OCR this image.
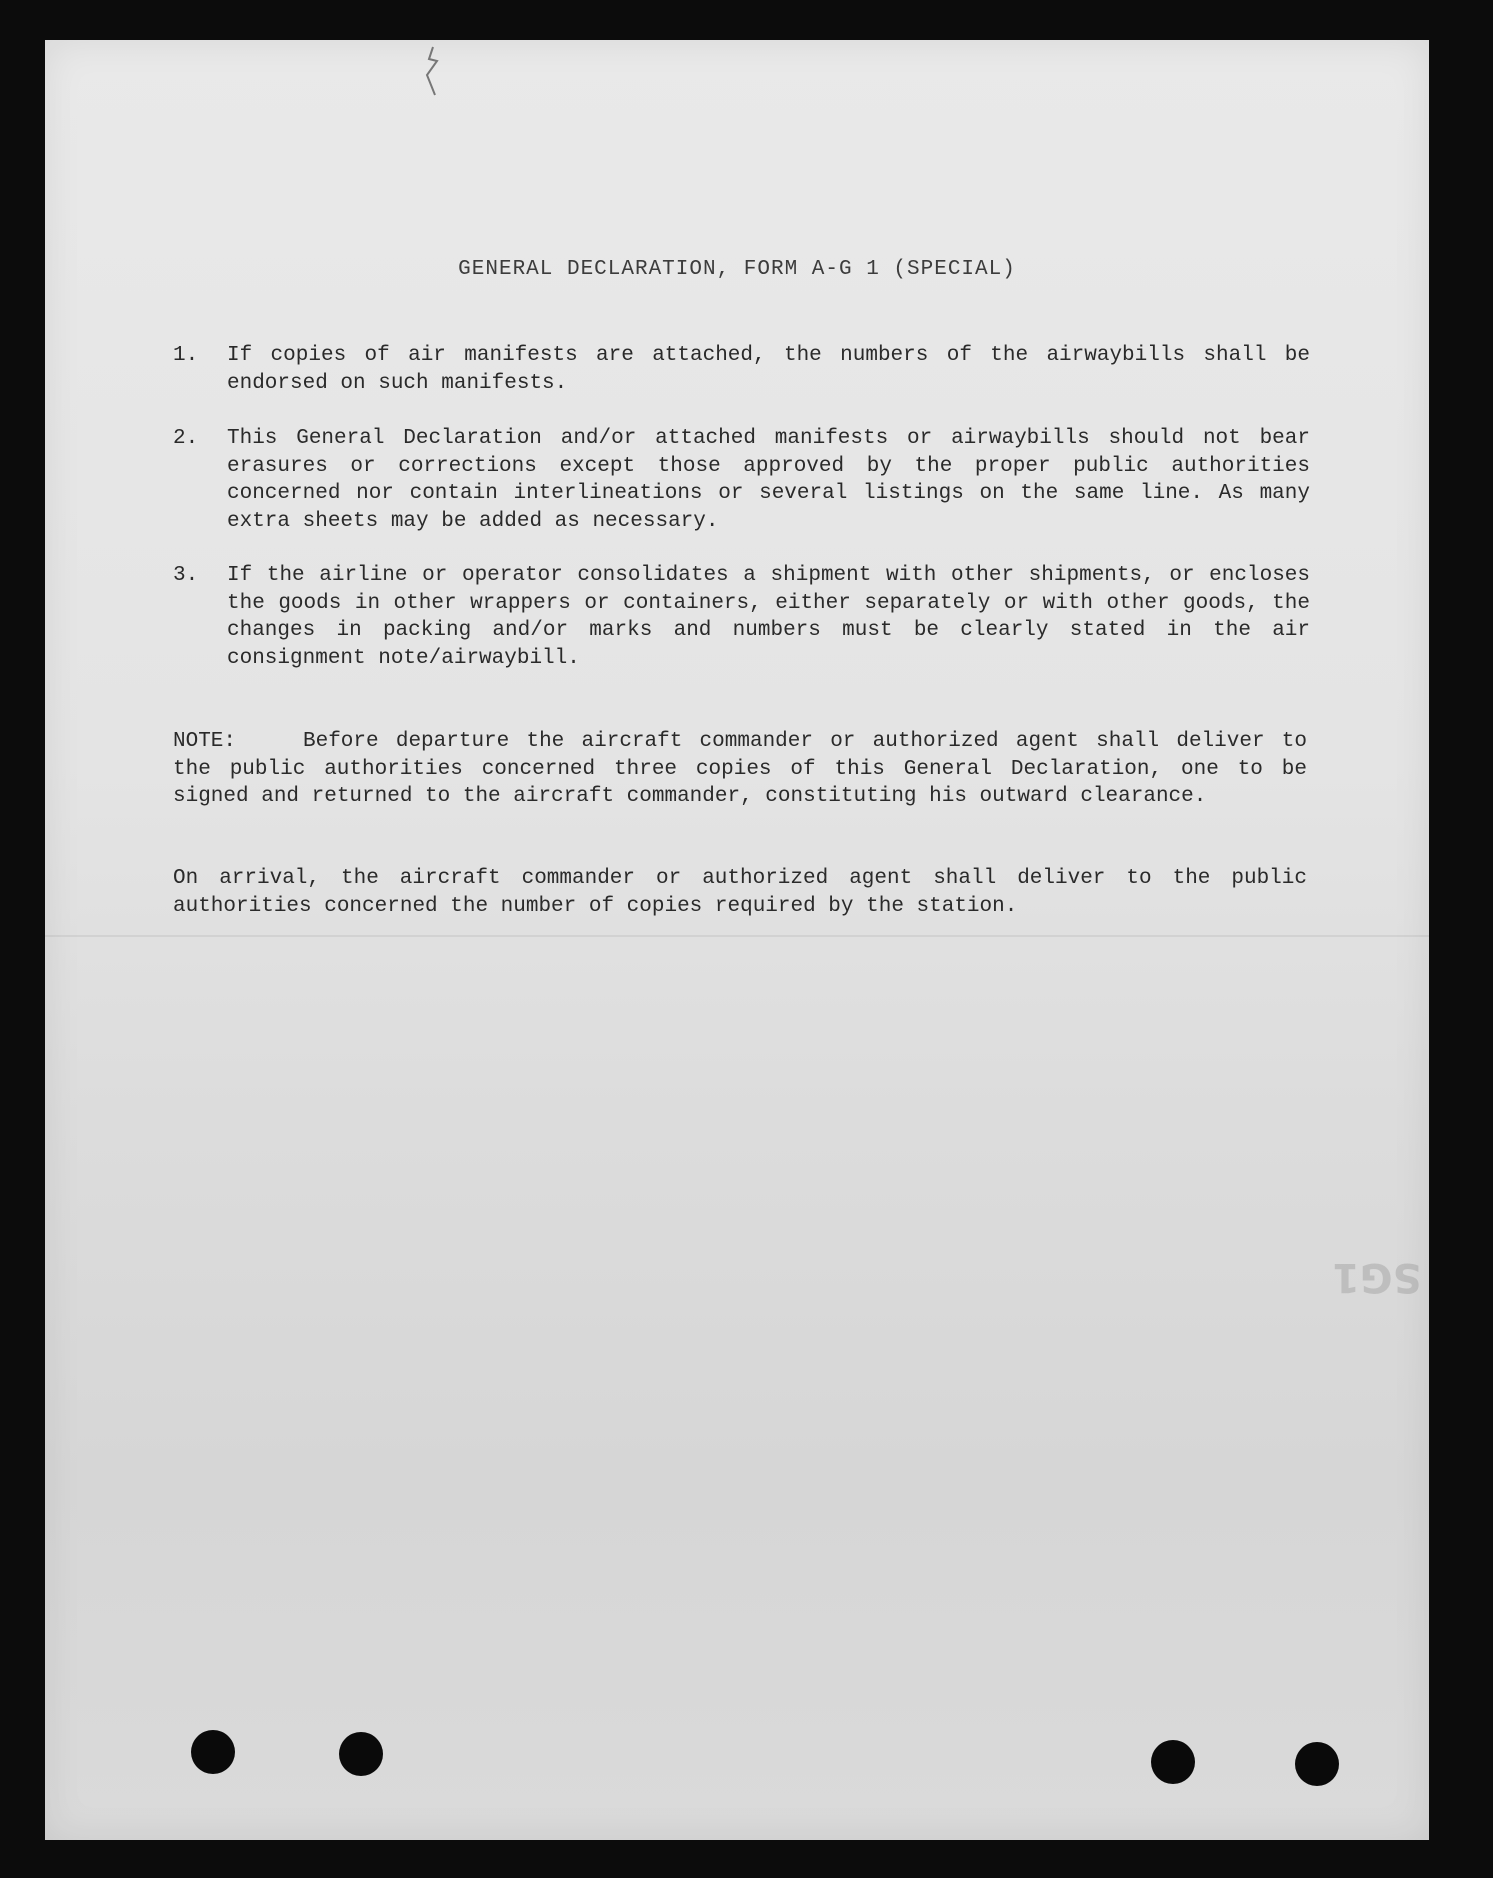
GENERAL DECLARATION, FORM A-G 1 (SPECIAL)
1.	If copies of air manifests are attached, the numbers of the airwaybills shall be endorsed on such manifests.
2.	This General Declaration and/or attached manifests or airwaybills should not bear erasures or corrections except those approved by the proper public authorities concerned nor contain interlineations or several listings on the same line. As many extra sheets may be added as necessary.
3.	If the airline or operator consolidates a shipment with other shipments, or encloses the goods in other wrappers or containers, either separately or with other goods, the changes in packing and/or marks and numbers must be clearly stated in the air consignment note/airwaybill.
NOTE:	Before departure the aircraft commander or authorized agent shall deliver to the public authorities concerned three copies of this General Declaration, one to be signed and returned to the aircraft commander, constituting his outward clearance.
On arrival, the aircraft commander or authorized agent shall deliver to the public authorities concerned the number of copies required by the station.
SG1
